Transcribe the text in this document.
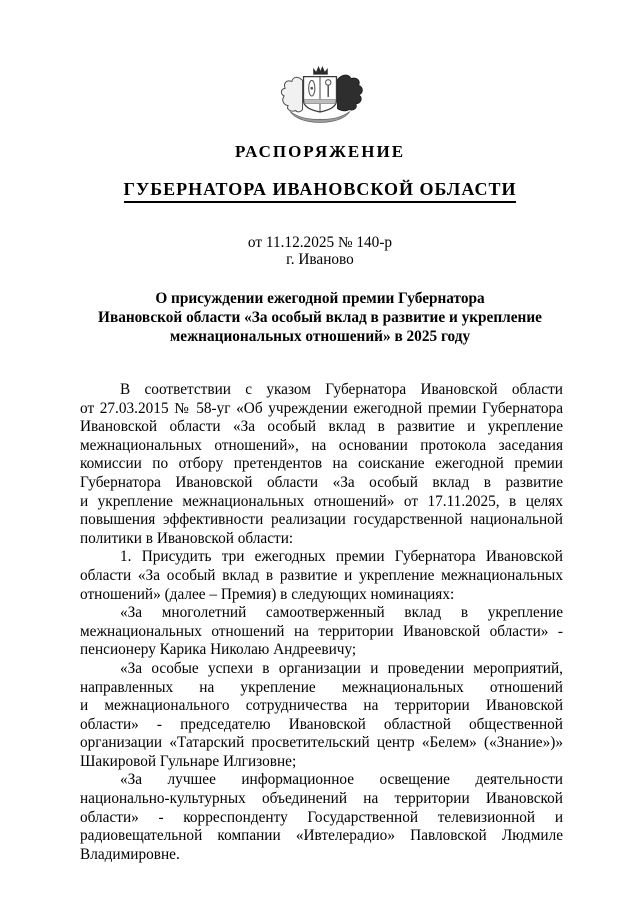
РАСПОРЯЖЕНИЕ
ГУБЕРНАТОРА ИВАНОВСКОЙ ОБЛАСТИ
от 11.12.2025 № 140-р
г. Иваново
О присуждении ежегодной премии Губернатора
Ивановской области «За особый вклад в развитие и укрепление
межнациональных отношений» в 2025 году

В соответствии с указом Губернатора Ивановской области от 27.03.2015 № 58-уг «Об учреждении ежегодной премии Губернатора Ивановской области «За особый вклад в развитие и укрепление межнациональных отношений», на основании протокола заседания комиссии по отбору претендентов на соискание ежегодной премии Губернатора Ивановской области «За особый вклад в развитие и укрепление межнациональных отношений» от 17.11.2025, в целях повышения эффективности реализации государственной национальной политики в Ивановской области:

1. Присудить три ежегодных премии Губернатора Ивановской области «За особый вклад в развитие и укрепление межнациональных отношений» (далее – Премия) в следующих номинациях:

«За многолетний самоотверженный вклад в укрепление межнациональных отношений на территории Ивановской области» - пенсионеру Карика Николаю Андреевичу;

«За особые успехи в организации и проведении мероприятий, направленных на укрепление межнациональных отношений и межнационального сотрудничества на территории Ивановской области» - председателю Ивановской областной общественной организации «Татарский просветительский центр «Белем» («Знание»)» Шакировой Гульнаре Илгизовне;

«За лучшее информационное освещение деятельности национально-культурных объединений на территории Ивановской области» - корреспонденту Государственной телевизионной и радиовещательной компании «Ивтелерадио» Павловской Людмиле Владимировне.
